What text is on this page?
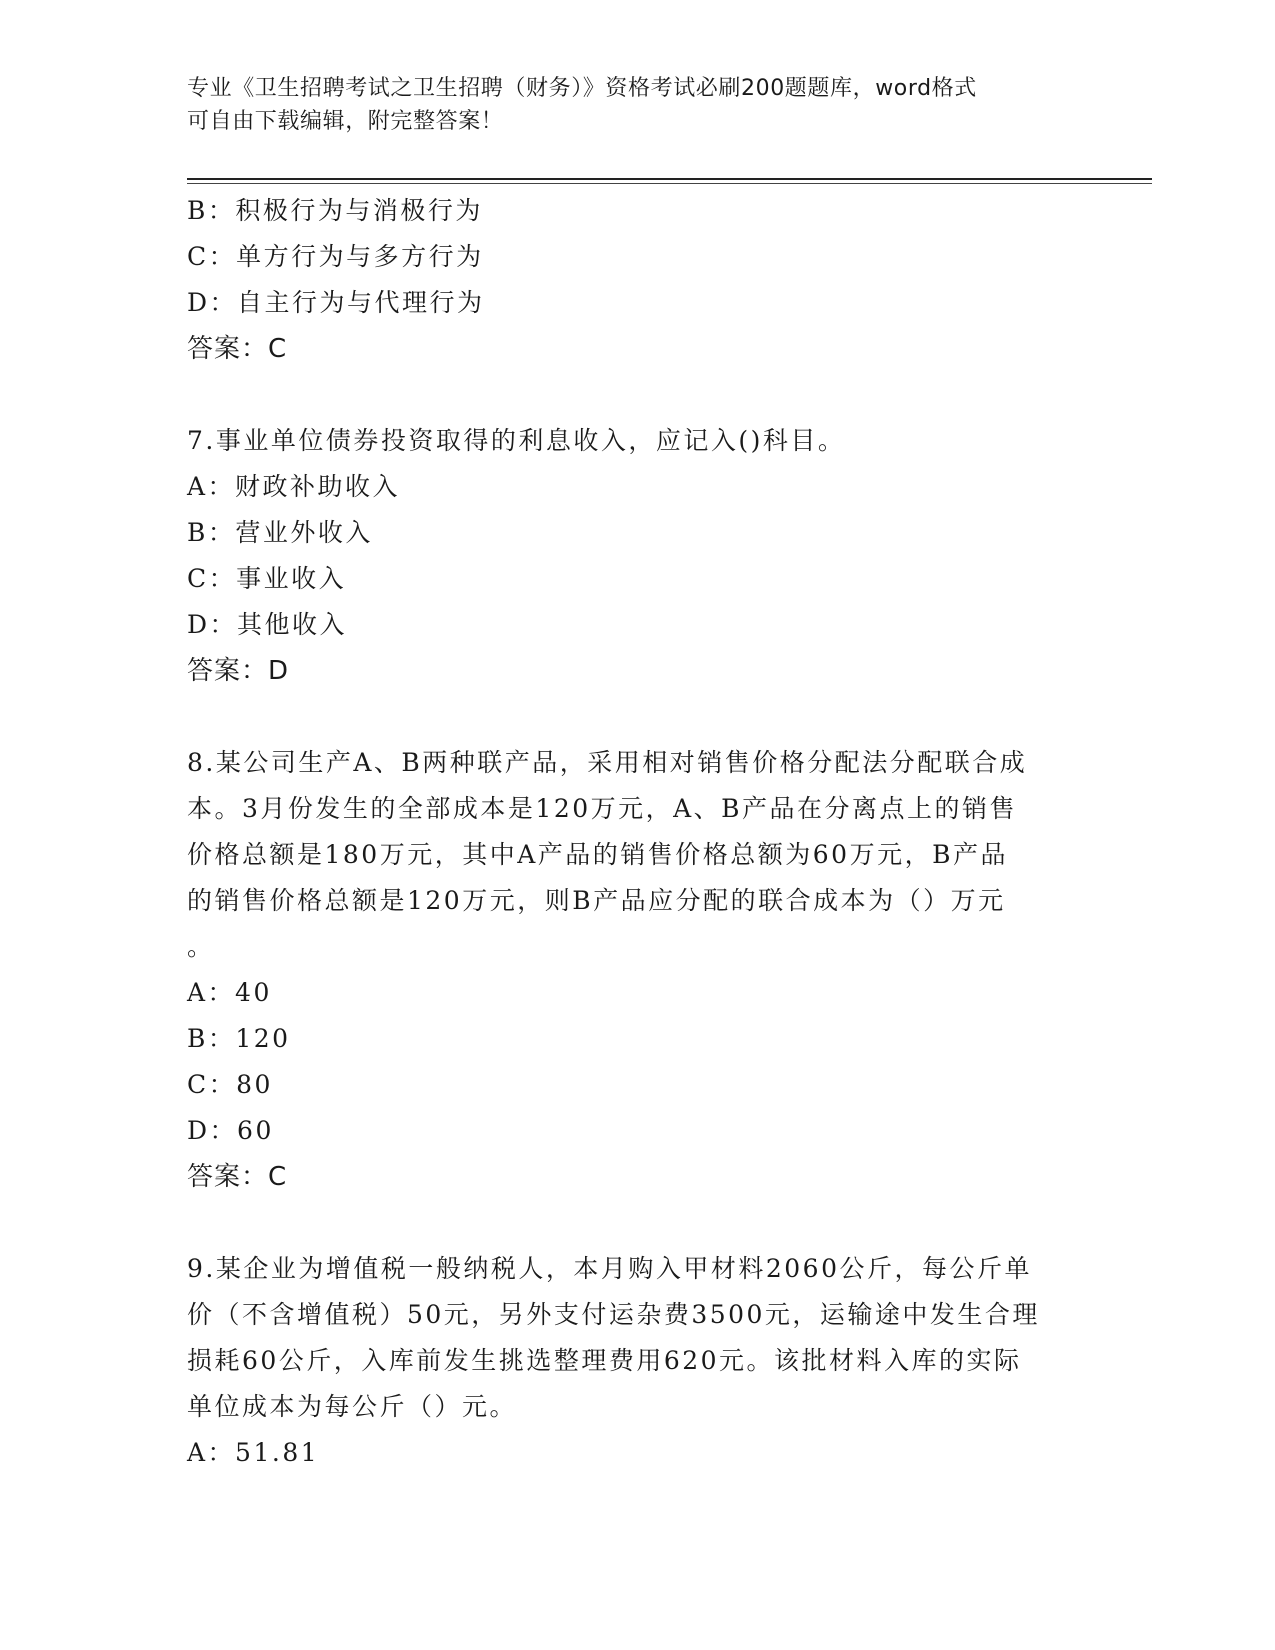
专业《卫生招聘考试之卫生招聘（财务）》资格考试必刷200题题库，word格式
可自由下载编辑，附完整答案！
B：积极行为与消极行为
C：单方行为与多方行为
D：自主行为与代理行为
答案：C
7.事业单位债券投资取得的利息收入，应记入()科目。
A：财政补助收入
B：营业外收入
C：事业收入
D：其他收入
答案：D
8.某公司生产A、B两种联产品，采用相对销售价格分配法分配联合成
本。3月份发生的全部成本是120万元，A、B产品在分离点上的销售
价格总额是180万元，其中A产品的销售价格总额为60万元，B产品
的销售价格总额是120万元，则B产品应分配的联合成本为（）万元
。
A：40
B：120
C：80
D：60
答案：C
9.某企业为增值税一般纳税人，本月购入甲材料2060公斤，每公斤单
价（不含增值税）50元，另外支付运杂费3500元，运输途中发生合理
损耗60公斤，入库前发生挑选整理费用620元。该批材料入库的实际
单位成本为每公斤（）元。
A：51.81
